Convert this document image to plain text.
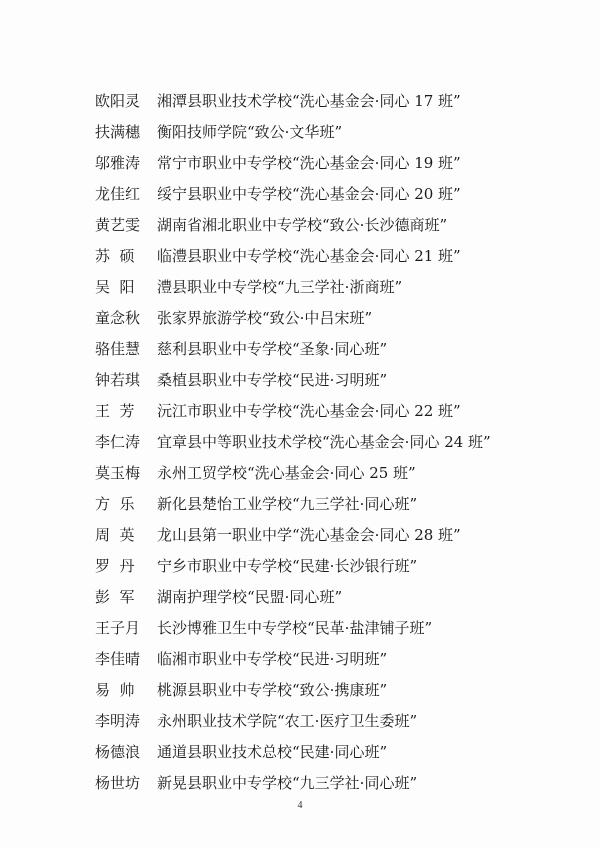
欧阳灵	湘潭县职业技术学校“洗心基金会·同心 17 班”
扶满穗	衡阳技师学院“致公·文华班”
邬雅涛	常宁市职业中专学校“洗心基金会·同心 19 班”
龙佳红	绥宁县职业中专学校“洗心基金会·同心 20 班”
黄艺雯	湖南省湘北职业中专学校“致公·长沙德商班”
苏  硕	临澧县职业中专学校“洗心基金会·同心 21 班”
吴  阳	澧县职业中专学校“九三学社·浙商班”
童念秋	张家界旅游学校“致公·中吕宋班”
骆佳慧	慈利县职业中专学校“圣象·同心班”
钟若琪	桑植县职业中专学校“民进·习明班”
王  芳	沅江市职业中专学校“洗心基金会·同心 22 班”
李仁涛	宜章县中等职业技术学校“洗心基金会·同心 24 班”
莫玉梅	永州工贸学校“洗心基金会·同心 25 班”
方  乐	新化县楚怡工业学校“九三学社·同心班”
周  英	龙山县第一职业中学“洗心基金会·同心 28 班”
罗  丹	宁乡市职业中专学校“民建·长沙银行班”
彭  军	湖南护理学校“民盟·同心班”
王子月	长沙博雅卫生中专学校“民革·盐津铺子班”
李佳晴	临湘市职业中专学校“民进·习明班”
易  帅	桃源县职业中专学校“致公·携康班”
李明涛	永州职业技术学院“农工·医疗卫生委班”
杨德浪	通道县职业技术总校“民建·同心班”
杨世坊	新晃县职业中专学校“九三学社·同心班”
4
